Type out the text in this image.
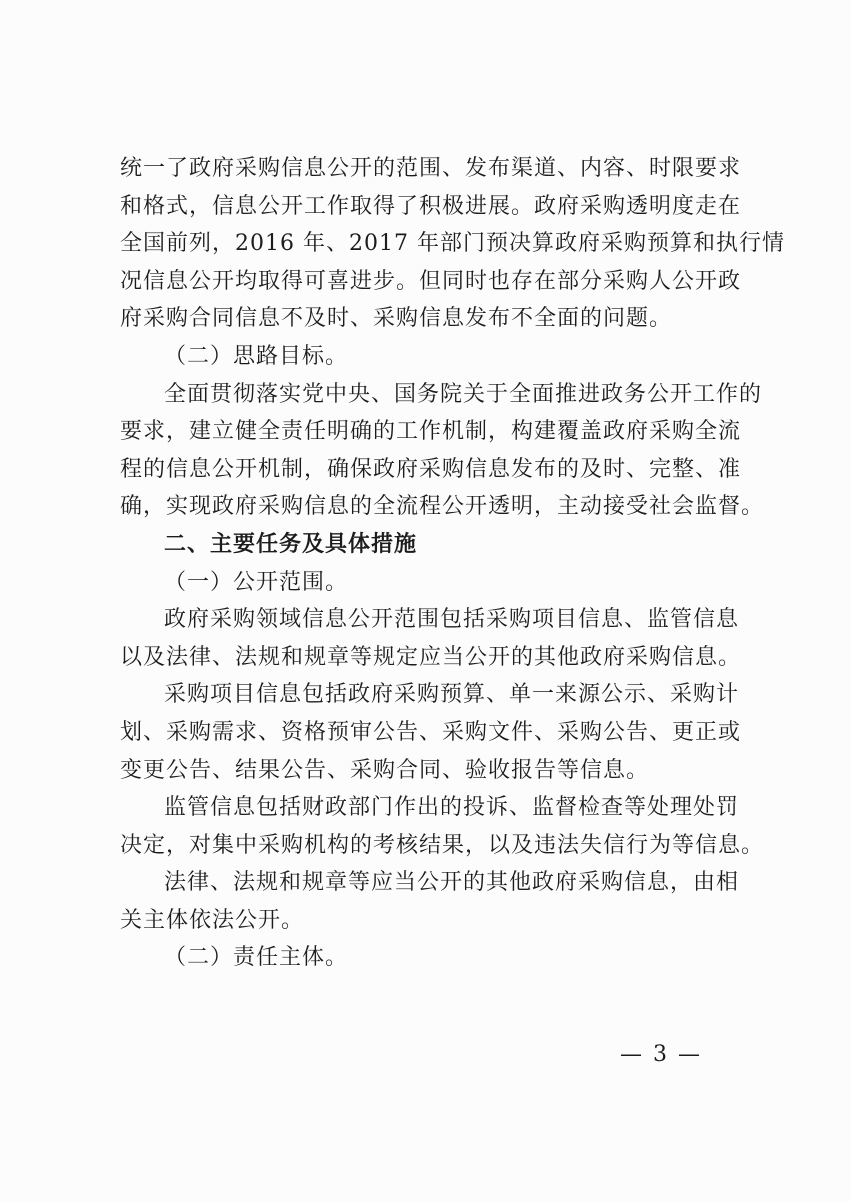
统一了政府采购信息公开的范围、发布渠道、内容、时限要求
和格式，信息公开工作取得了积极进展。政府采购透明度走在
全国前列，2016 年、2017 年部门预决算政府采购预算和执行情
况信息公开均取得可喜进步。但同时也存在部分采购人公开政
府采购合同信息不及时、采购信息发布不全面的问题。
（二）思路目标。
全面贯彻落实党中央、国务院关于全面推进政务公开工作的
要求，建立健全责任明确的工作机制，构建覆盖政府采购全流
程的信息公开机制，确保政府采购信息发布的及时、完整、准
确，实现政府采购信息的全流程公开透明，主动接受社会监督。
二、主要任务及具体措施
（一）公开范围。
政府采购领域信息公开范围包括采购项目信息、监管信息
以及法律、法规和规章等规定应当公开的其他政府采购信息。
采购项目信息包括政府采购预算、单一来源公示、采购计
划、采购需求、资格预审公告、采购文件、采购公告、更正或
变更公告、结果公告、采购合同、验收报告等信息。
监管信息包括财政部门作出的投诉、监督检查等处理处罚
决定，对集中采购机构的考核结果，以及违法失信行为等信息。
法律、法规和规章等应当公开的其他政府采购信息，由相
关主体依法公开。
（二）责任主体。
— 3 —
